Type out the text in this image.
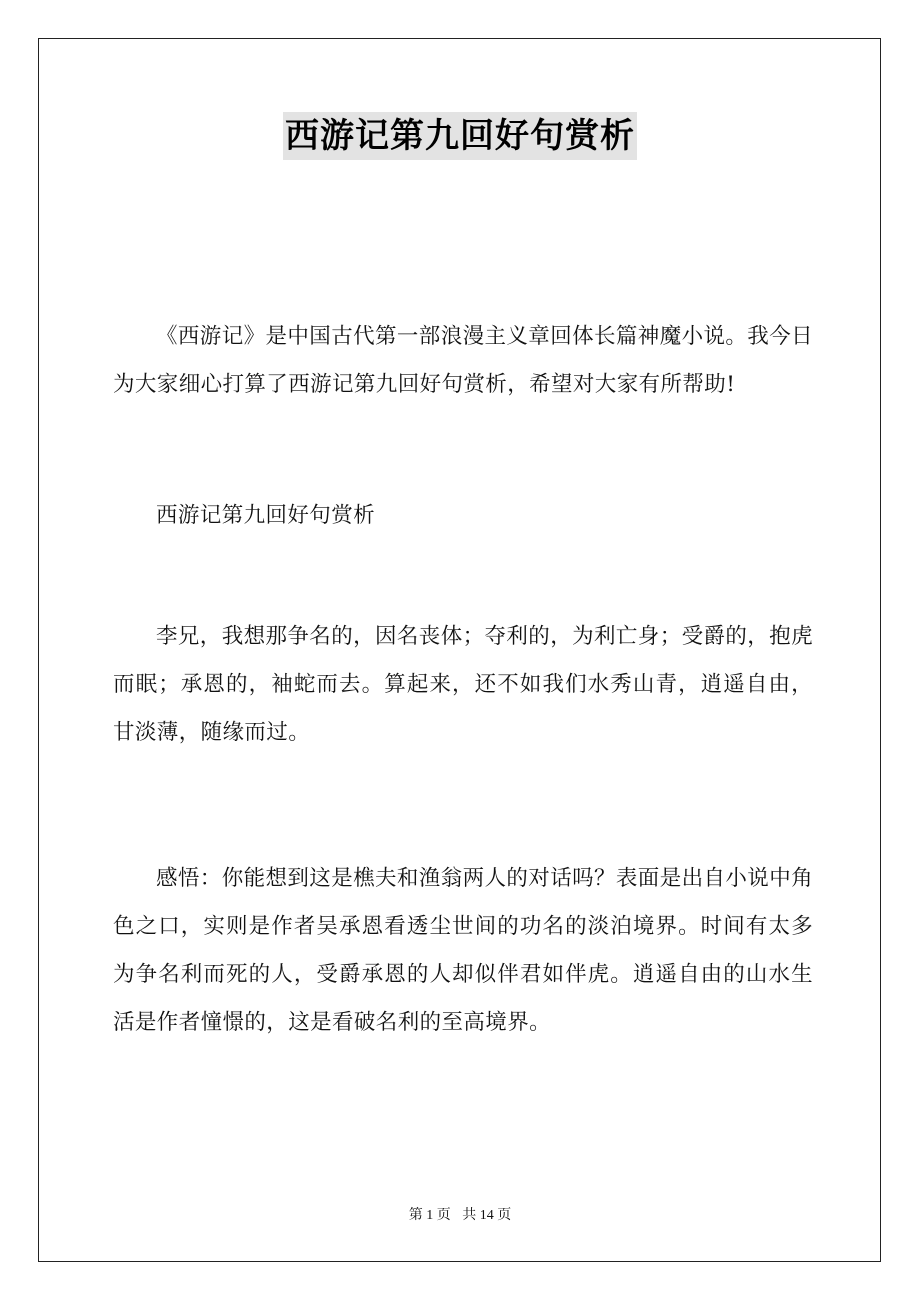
西游记第九回好句赏析

《西游记》是中国古代第一部浪漫主义章回体长篇神魔小说。我今日为大家细心打算了西游记第九回好句赏析，希望对大家有所帮助!

西游记第九回好句赏析

李兄，我想那争名的，因名丧体；夺利的，为利亡身；受爵的，抱虎而眠；承恩的，袖蛇而去。算起来，还不如我们水秀山青，逍遥自由，甘淡薄，随缘而过。

感悟：你能想到这是樵夫和渔翁两人的对话吗？表面是出自小说中角色之口，实则是作者吴承恩看透尘世间的功名的淡泊境界。时间有太多为争名利而死的人，受爵承恩的人却似伴君如伴虎。逍遥自由的山水生活是作者憧憬的，这是看破名利的至高境界。

第 1 页 共 14 页
